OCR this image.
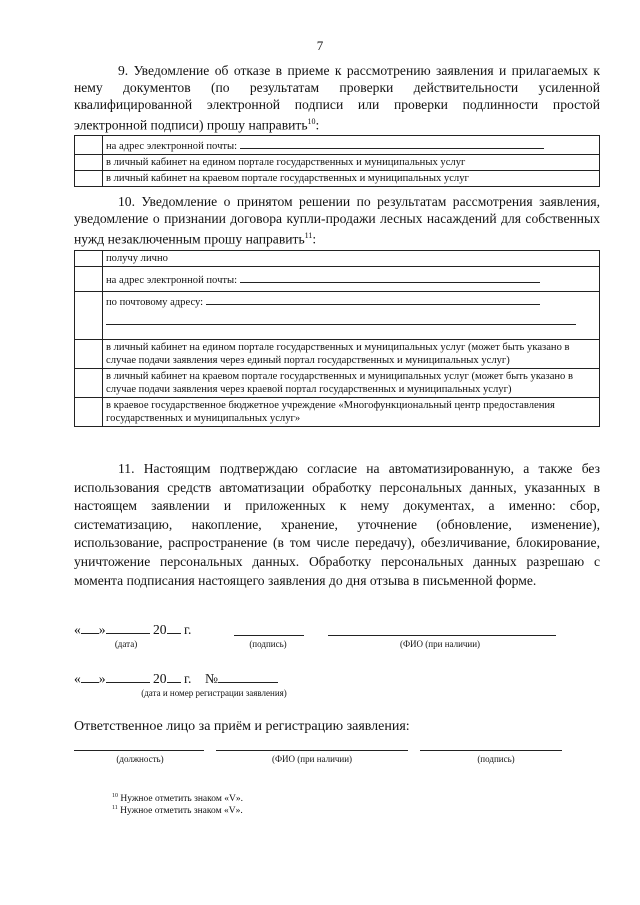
7
9. Уведомление об отказе в приеме к рассмотрению заявления и прилагаемых к нему документов (по результатам проверки действительности усиленной квалифицированной электронной подписи или проверки подлинности простой электронной подписи) прошу направить$^{10}$:
	на адрес электронной почты:
	в личный кабинет на едином портале государственных и муниципальных услуг
	в личный кабинет на краевом портале государственных и муниципальных услуг
10. Уведомление о принятом решении по результатам рассмотрения заявления, уведомление о признании договора купли-продажи лесных насаждений для собственных нужд незаключенным прошу направить$^{11}$:
	получу лично
	на адрес электронной почты:
	по почтовому адресу:

	в личный кабинет на едином портале государственных и муниципальных услуг (может быть указано в случае подачи заявления через единый портал государственных и муниципальных услуг)
	в личный кабинет на краевом портале государственных и муниципальных услуг (может быть указано в случае подачи заявления через краевой портал государственных и муниципальных услуг)
	в краевое государственное бюджетное учреждение «Многофункциональный центр предоставления государственных и муниципальных услуг»
11. Настоящим подтверждаю согласие на автоматизированную, а также без использования средств автоматизации обработку персональных данных, указанных в настоящем заявлении и приложенных к нему документах, а именно: сбор, систематизацию, накопление, хранение, уточнение (обновление, изменение), использование, распространение (в том числе передачу), обезличивание, блокирование, уничтожение персональных данных. Обработку персональных данных разрешаю с момента подписания настоящего заявления до дня отзыва в письменной форме.
« »	20 г.
(дата)	(подпись)	(ФИО (при наличии)
« »	20 г. №
(дата и номер регистрации заявления)
Ответственное лицо за приём и регистрацию заявления:
(должность)	(ФИО (при наличии)	(подпись)
$^{10}$ Нужное отметить знаком «V».
$^{11}$ Нужное отметить знаком «V».
